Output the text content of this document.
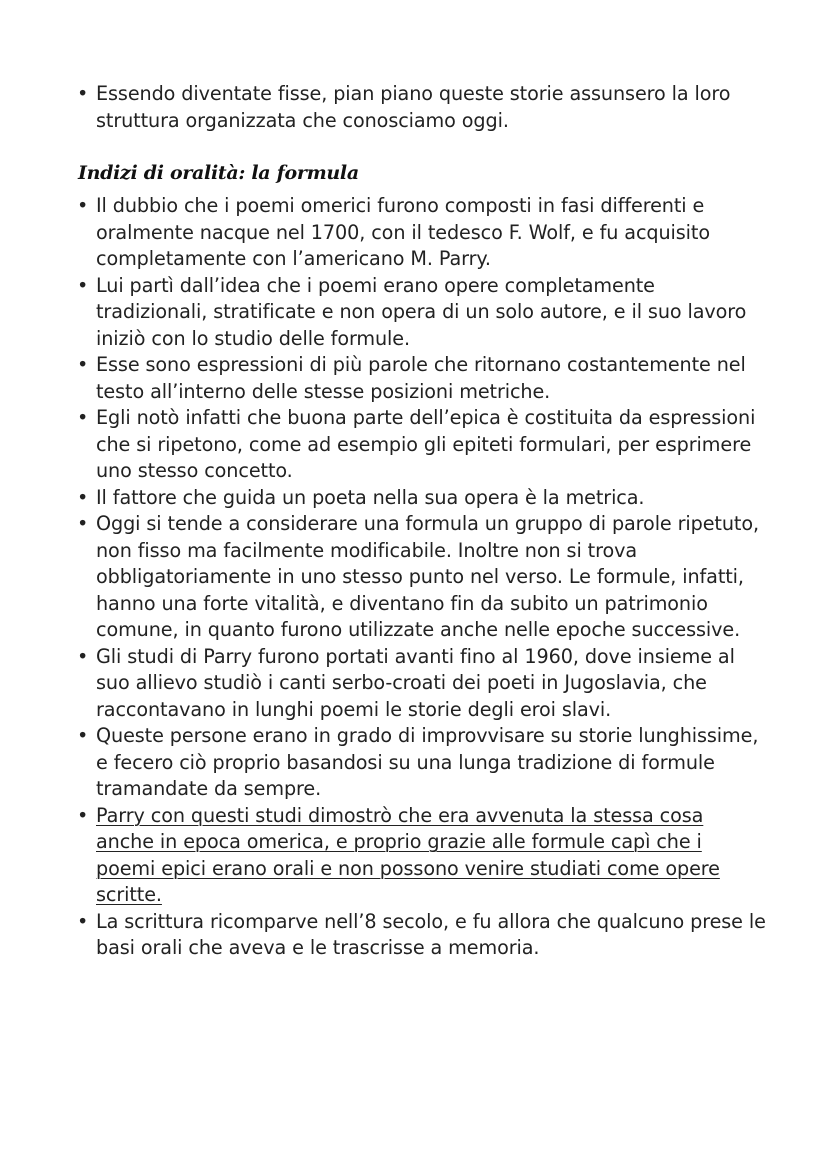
• Essendo diventate fisse, pian piano queste storie assunsero la loro struttura organizzata che conosciamo oggi.
Indizi di oralità: la formula
• Il dubbio che i poemi omerici furono composti in fasi differenti e oralmente nacque nel 1700, con il tedesco F. Wolf, e fu acquisito completamente con l’americano M. Parry.
• Lui partì dall’idea che i poemi erano opere completamente tradizionali, stratificate e non opera di un solo autore, e il suo lavoro iniziò con lo studio delle formule.
• Esse sono espressioni di più parole che ritornano costantemente nel testo all’interno delle stesse posizioni metriche.
• Egli notò infatti che buona parte dell’epica è costituita da espressioni che si ripetono, come ad esempio gli epiteti formulari, per esprimere uno stesso concetto.
• Il fattore che guida un poeta nella sua opera è la metrica.
• Oggi si tende a considerare una formula un gruppo di parole ripetuto, non fisso ma facilmente modificabile. Inoltre non si trova obbligatoriamente in uno stesso punto nel verso. Le formule, infatti, hanno una forte vitalità, e diventano fin da subito un patrimonio comune, in quanto furono utilizzate anche nelle epoche successive.
• Gli studi di Parry furono portati avanti fino al 1960, dove insieme al suo allievo studiò i canti serbo-croati dei poeti in Jugoslavia, che raccontavano in lunghi poemi le storie degli eroi slavi.
• Queste persone erano in grado di improvvisare su storie lunghissime, e fecero ciò proprio basandosi su una lunga tradizione di formule tramandate da sempre.
• Parry con questi studi dimostrò che era avvenuta la stessa cosa anche in epoca omerica, e proprio grazie alle formule capì che i poemi epici erano orali e non possono venire studiati come opere scritte.
• La scrittura ricomparve nell’8 secolo, e fu allora che qualcuno prese le basi orali che aveva e le trascrisse a memoria.
